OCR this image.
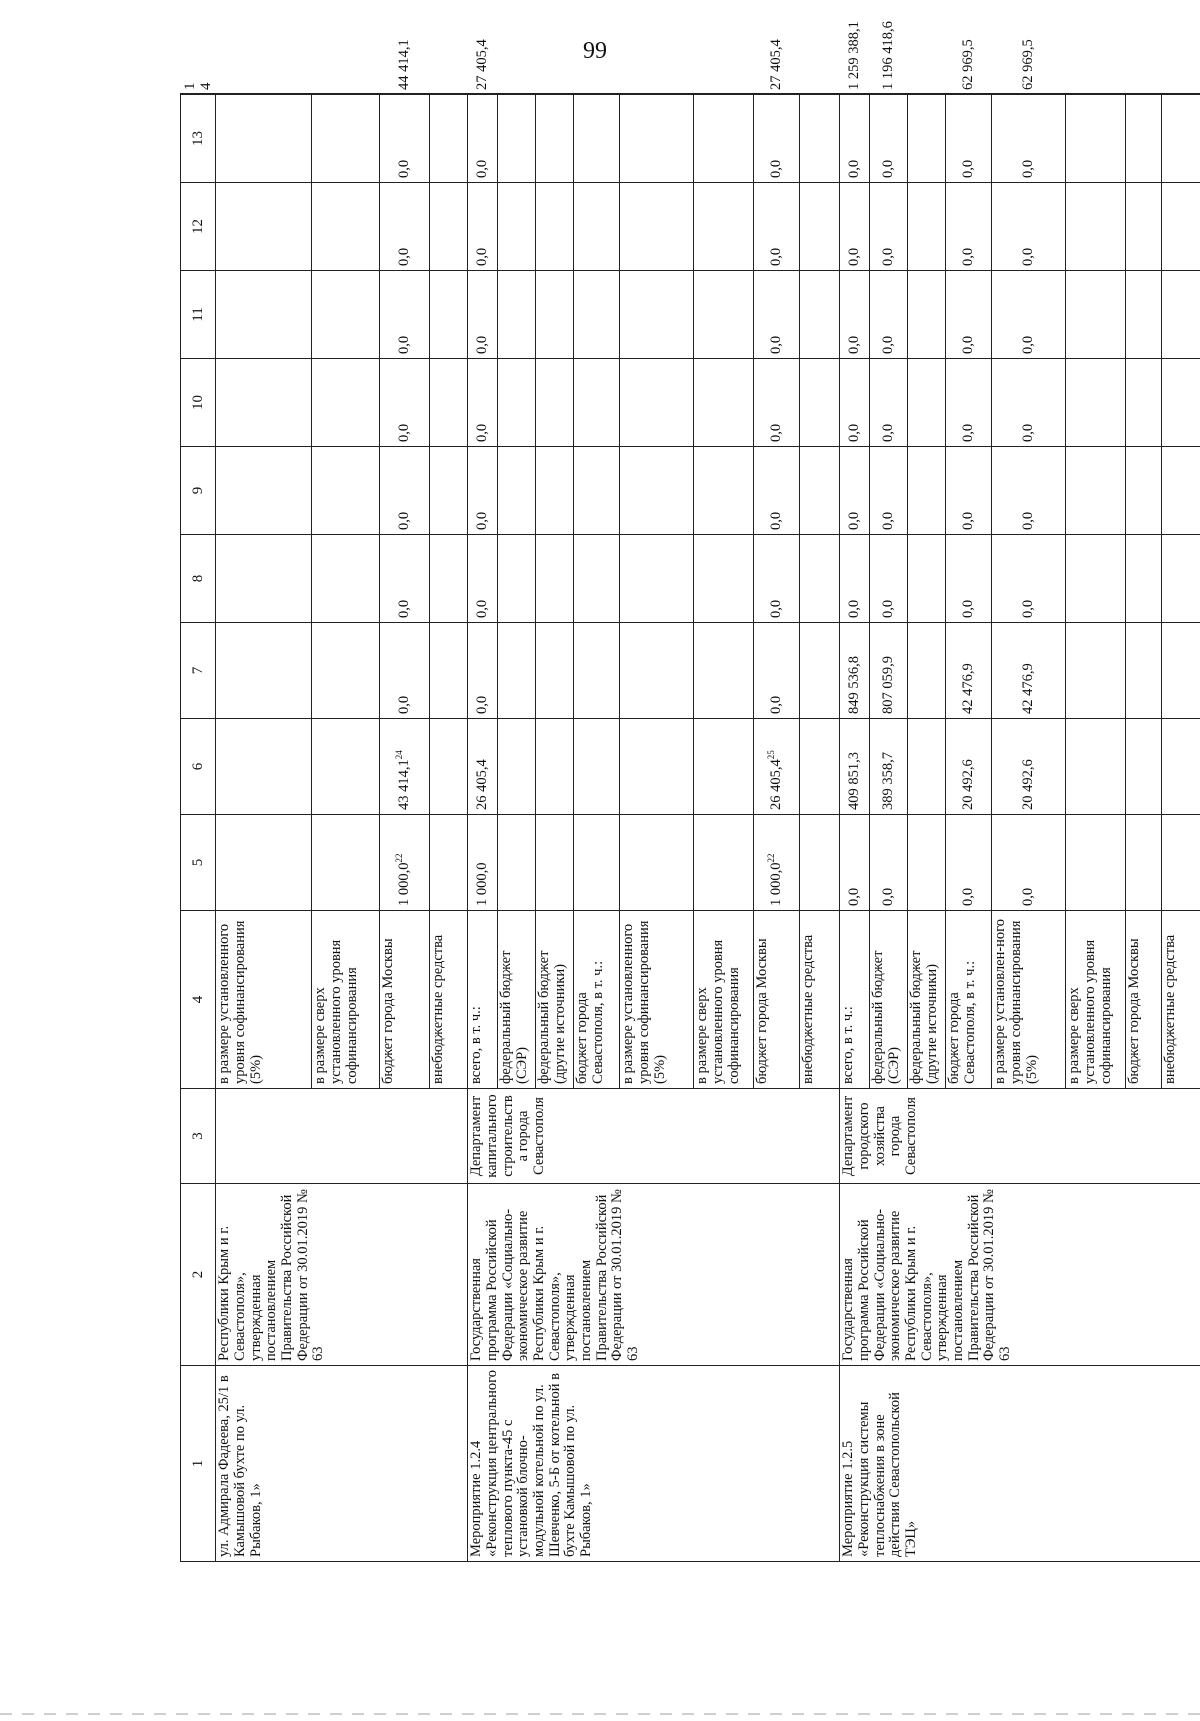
99
1	2	3	4	5	6	7	8	9	10	11	12	13	14
ул. Адмирала Фадеева, 25/1 в Камышовой бухте по ул. Рыбаков, 1»	Республики Крым и г. Севастополя», утвержденная постановлением Правительства Российской Федерации от 30.01.2019 № 63		в размере установленного уровня софинансирования (5%)										
			в размере сверх установленного уровня софинансирования										
			бюджет города Москвы	1 000,0$^{22}$	43 414,1$^{24}$	0,0	0,0	0,0	0,0	0,0	0,0	0,0	44 414,1
			внебюджетные средства										
Мероприятие 1.2.4 «Реконструкция центрального теплового пункта-45 с установкой блочно-модульной котельной по ул. Шевченко, 5-Б от котельной в бухте Камышовой по ул. Рыбаков, 1»	Государственная программа Российской Федерации «Социально-экономическое развитие Республики Крым и г. Севастополя», утвержденная постановлением Правительства Российской Федерации от 30.01.2019 № 63	Департамент капитального строительства города Севастополя	всего, в т. ч.:	1 000,0	26 405,4	0,0	0,0	0,0	0,0	0,0	0,0	0,0	27 405,4
			федеральный бюджет (СЭР)										
			федеральный бюджет (другие источники)										
			бюджет города Севастополя, в т. ч.:										
			в размере установленного уровня софинансирования (5%)										
			в размере сверх установленного уровня софинансирования										
			бюджет города Москвы	1 000,0$^{22}$	26 405,4$^{25}$	0,0	0,0	0,0	0,0	0,0	0,0	0,0	27 405,4
			внебюджетные средства										
Мероприятие 1.2.5 «Реконструкция системы теплоснабжения в зоне действия Севастопольской ТЭЦ»	Государственная программа Российской Федерации «Социально-экономическое развитие Республики Крым и г. Севастополя», утвержденная постановлением Правительства Российской Федерации от 30.01.2019 № 63	Департамент городского хозяйства города Севастополя	всего, в т. ч.:	0,0	409 851,3	849 536,8	0,0	0,0	0,0	0,0	0,0	0,0	1 259 388,1
			федеральный бюджет (СЭР)	0,0	389 358,7	807 059,9	0,0	0,0	0,0	0,0	0,0	0,0	1 196 418,6
			федеральный бюджет (другие источники)										
			бюджет города Севастополя, в т. ч.:	0,0	20 492,6	42 476,9	0,0	0,0	0,0	0,0	0,0	0,0	62 969,5
			в размере установлен-ного уровня софинансирования (5%)	0,0	20 492,6	42 476,9	0,0	0,0	0,0	0,0	0,0	0,0	62 969,5
			в размере сверх установленного уровня софинансирования										
			бюджет города Москвы										
			внебюджетные средства										
